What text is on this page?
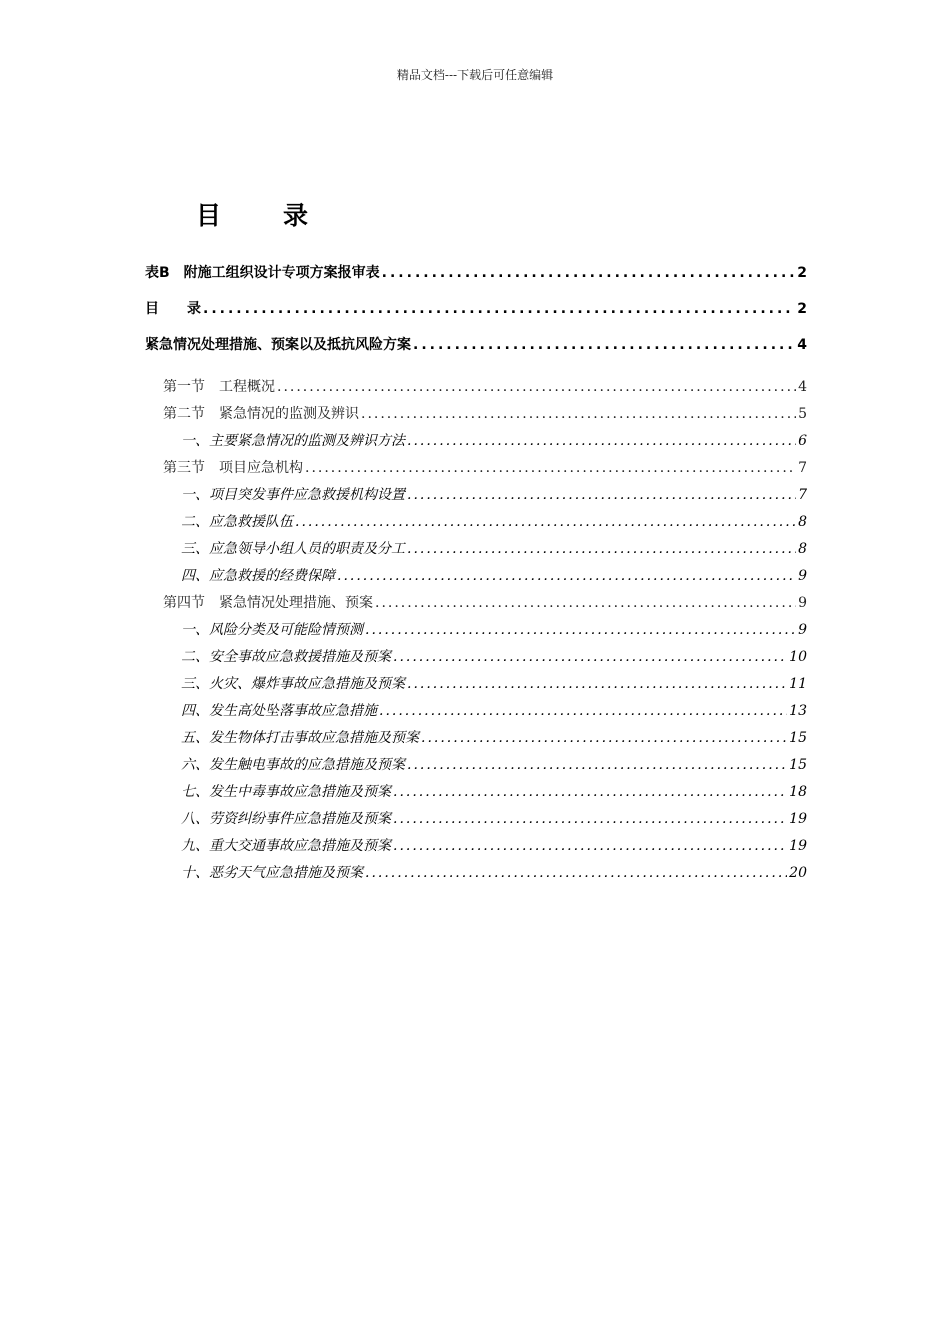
精品文档---下载后可任意编辑
目录
表B　附施工组织设计专项方案报审表 .....	2
目　　录 .....	2
紧急情况处理措施、预案以及抵抗风险方案 .....	4
第一节　工程概况 .....	4
第二节　紧急情况的监测及辨识 .....	5
一、主要紧急情况的监测及辨识方法 .....	6
第三节　项目应急机构 .....	7
一、项目突发事件应急救援机构设置 .....	7
二、应急救援队伍 .....	8
三、应急领导小组人员的职责及分工 .....	8
四、应急救援的经费保障 .....	9
第四节　紧急情况处理措施、预案 .....	9
一、风险分类及可能险情预测 .....	9
二、安全事故应急救援措施及预案 .....	10
三、火灾、爆炸事故应急措施及预案 .....	11
四、发生高处坠落事故应急措施 .....	13
五、发生物体打击事故应急措施及预案 .....	15
六、发生触电事故的应急措施及预案 .....	15
七、发生中毒事故应急措施及预案 .....	18
八、劳资纠纷事件应急措施及预案 .....	19
九、重大交通事故应急措施及预案 .....	19
十、恶劣天气应急措施及预案 .....	20
